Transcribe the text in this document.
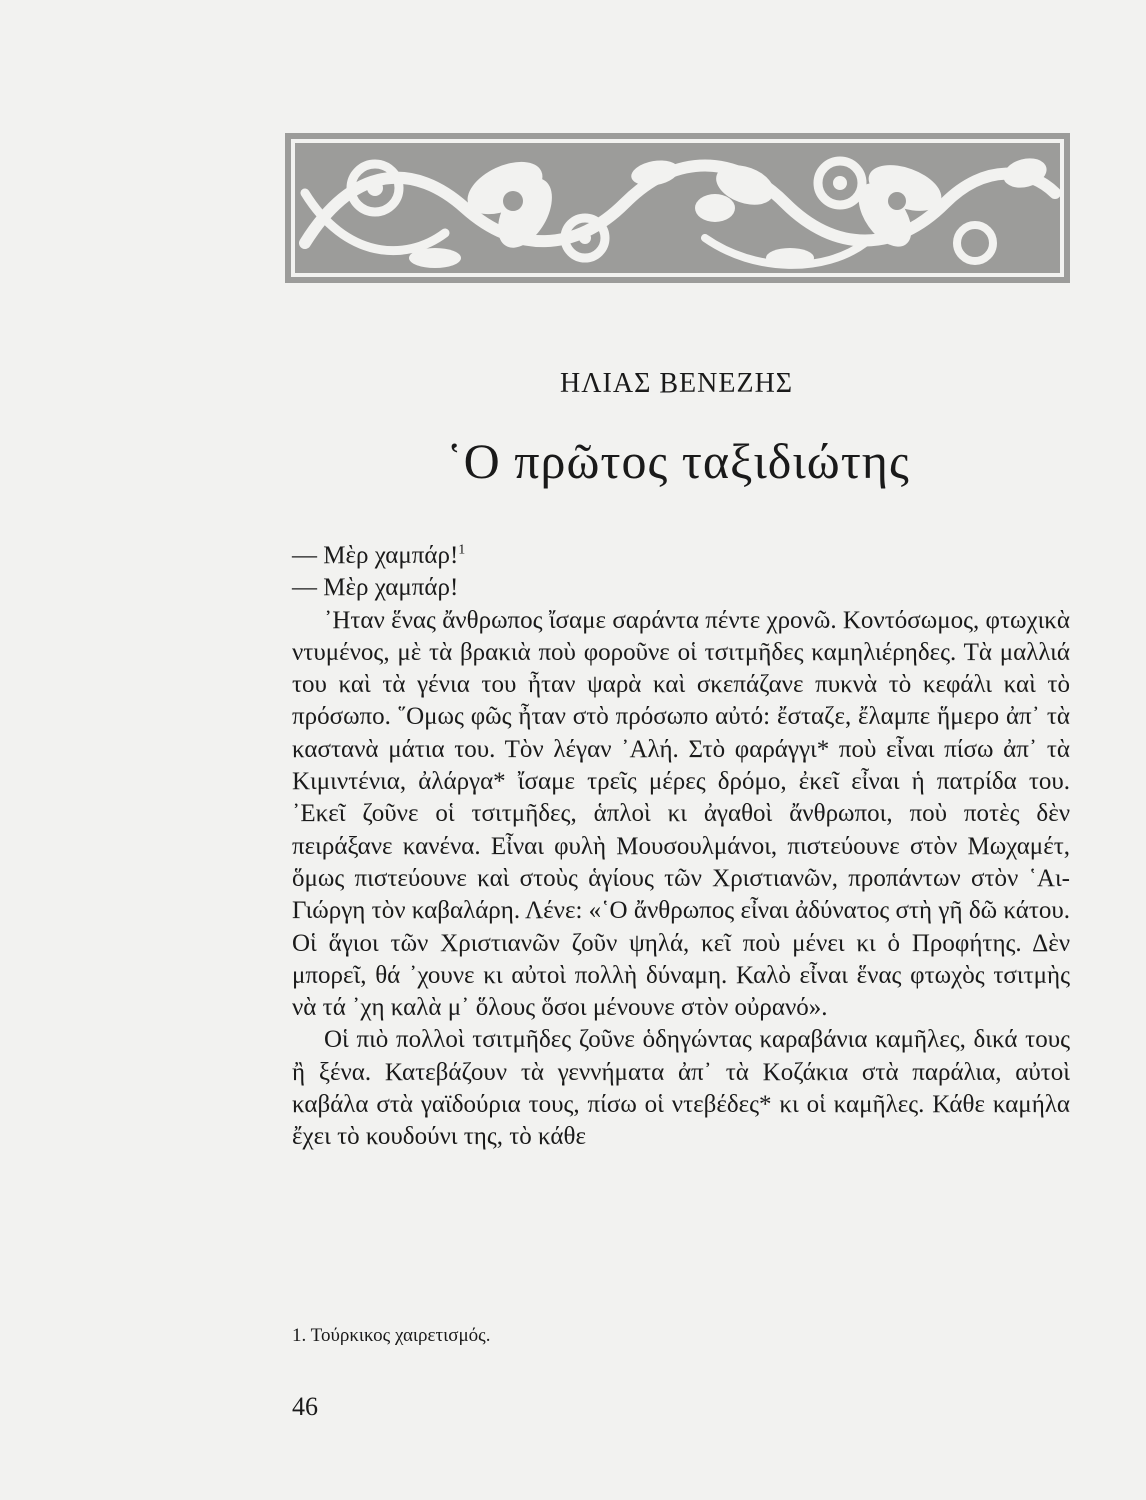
ΗΛΙΑΣ ΒΕΝΕΖΗΣ
῾Ο πρῶτος ταξιδιώτης

— Μὲρ χαμπάρ!$^1$

— Μὲρ χαμπάρ!

᾿Ηταν ἕνας ἄνθρωπος ἴσαμε σαράντα πέντε χρονῶ. Κοντόσωμος, φτωχικὰ ντυμένος, μὲ τὰ βρακιὰ ποὺ φοροῦνε οἱ τσιτμῆδες καμηλιέρηδες. Τὰ μαλλιά του καὶ τὰ γένια του ἦταν ψαρὰ καὶ σκεπάζανε πυκνὰ τὸ κεφάλι καὶ τὸ πρόσωπο. ῞Ομως φῶς ἦταν στὸ πρόσωπο αὐτό: ἔσταζε, ἔλαμπε ἥμερο ἀπ᾿ τὰ καστανὰ μάτια του. Τὸν λέγαν ᾿Αλή. Στὸ φαράγγι* ποὺ εἶναι πίσω ἀπ᾿ τὰ Κιμιντένια, ἀλάργα* ἴσαμε τρεῖς μέρες δρόμο, ἐκεῖ εἶναι ἡ πατρίδα του. ᾿Εκεῖ ζοῦνε οἱ τσιτμῆδες, ἁπλοὶ κι ἀγαθοὶ ἄνθρωποι, ποὺ ποτὲς δὲν πειράξανε κανένα. Εἶναι φυλὴ Μουσουλμάνοι, πιστεύουνε στὸν Μωχαμέτ, ὅμως πιστεύουνε καὶ στοὺς ἁγίους τῶν Χριστιανῶν, προπάντων στὸν ῾Αι-Γιώργη τὸν καβαλάρη. Λένε: «῾Ο ἄνθρωπος εἶναι ἀδύνατος στὴ γῆ δῶ κάτου. Οἱ ἅγιοι τῶν Χριστιανῶν ζοῦν ψηλά, κεῖ ποὺ μένει κι ὁ Προφήτης. Δὲν μπορεῖ, θά ᾿χουνε κι αὐτοὶ πολλὴ δύναμη. Καλὸ εἶναι ἕνας φτωχὸς τσιτμὴς νὰ τά ᾿χη καλὰ μ᾿ ὅλους ὅσοι μένουνε στὸν οὐρανό».

Οἱ πιὸ πολλοὶ τσιτμῆδες ζοῦνε ὁδηγώντας καραβάνια καμῆλες, δικά τους ἢ ξένα. Κατεβάζουν τὰ γεννήματα ἀπ᾿ τὰ Κοζάκια στὰ παράλια, αὐτοὶ καβάλα στὰ γαϊδούρια τους, πίσω οἱ ντεβέδες* κι οἱ καμῆλες. Κάθε καμήλα ἔχει τὸ κουδούνι της, τὸ κάθε

1. Τούρκικος χαιρετισμός.
46
